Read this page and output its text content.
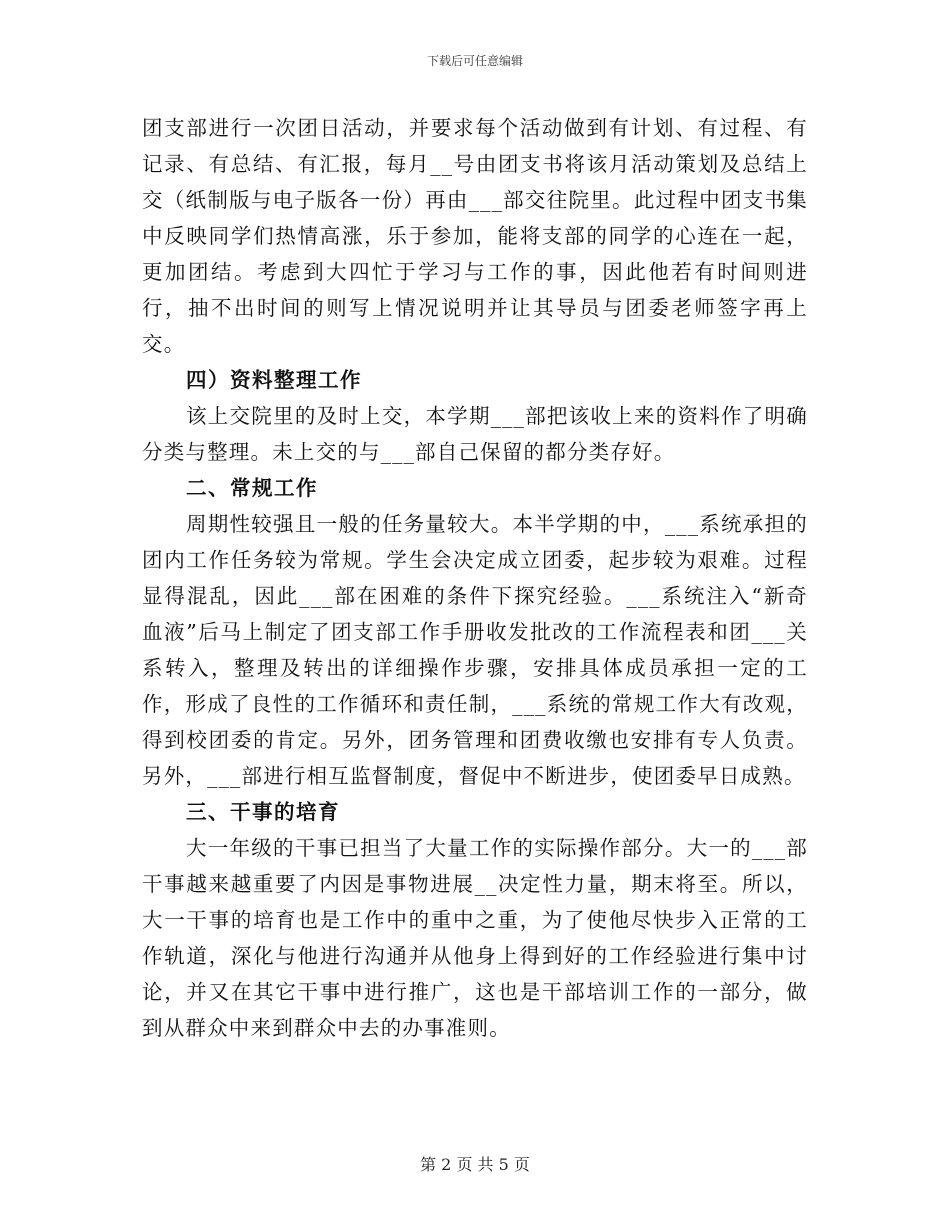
下载后可任意编辑

团支部进行一次团日活动，并要求每个活动做到有计划、有过程、有记录、有总结、有汇报，每月__号由团支书将该月活动策划及总结上交（纸制版与电子版各一份）再由___部交往院里。此过程中团支书集中反映同学们热情高涨，乐于参加，能将支部的同学的心连在一起，更加团结。考虑到大四忙于学习与工作的事，因此他若有时间则进行，抽不出时间的则写上情况说明并让其导员与团委老师签字再上交。

四）资料整理工作

该上交院里的及时上交，本学期___部把该收上来的资料作了明确分类与整理。未上交的与___部自己保留的都分类存好。

二、常规工作

周期性较强且一般的任务量较大。本半学期的中，___系统承担的团内工作任务较为常规。学生会决定成立团委，起步较为艰难。过程显得混乱，因此___部在困难的条件下探究经验。___系统注入“新奇血液”后马上制定了团支部工作手册收发批改的工作流程表和团___关系转入，整理及转出的详细操作步骤，安排具体成员承担一定的工作，形成了良性的工作循环和责任制，___系统的常规工作大有改观，得到校团委的肯定。另外，团务管理和团费收缴也安排有专人负责。另外，___部进行相互监督制度，督促中不断进步，使团委早日成熟。

三、干事的培育

大一年级的干事已担当了大量工作的实际操作部分。大一的___部干事越来越重要了内因是事物进展__决定性力量，期末将至。所以，大一干事的培育也是工作中的重中之重，为了使他尽快步入正常的工作轨道，深化与他进行沟通并从他身上得到好的工作经验进行集中讨论，并又在其它干事中进行推广，这也是干部培训工作的一部分，做到从群众中来到群众中去的办事准则。

第 2 页 共 5 页
